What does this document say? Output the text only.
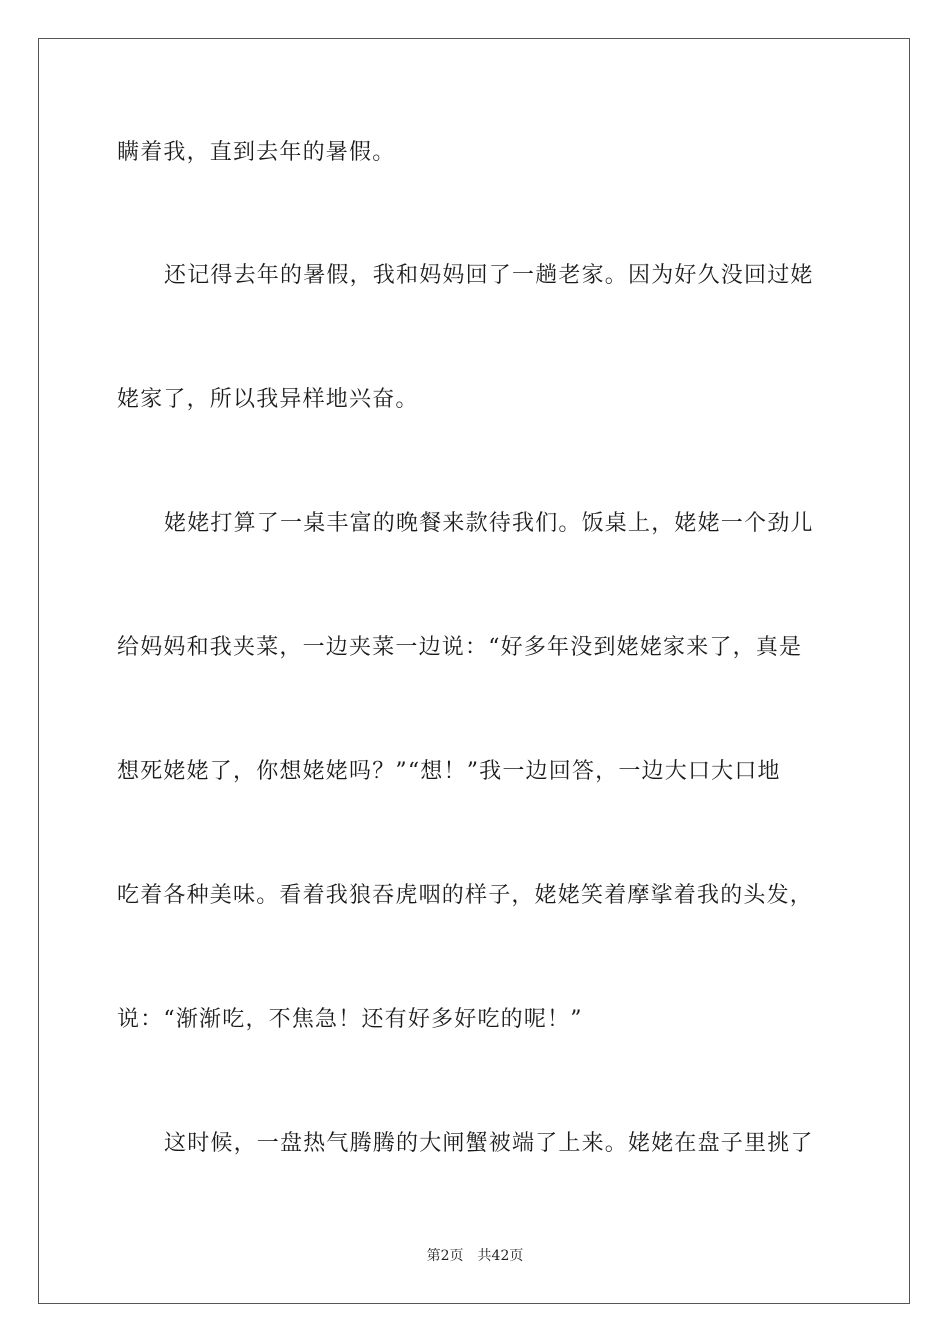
瞒着我，直到去年的暑假。
还记得去年的暑假，我和妈妈回了一趟老家。因为好久没回过姥
姥家了，所以我异样地兴奋。
姥姥打算了一桌丰富的晚餐来款待我们。饭桌上，姥姥一个劲儿
给妈妈和我夹菜，一边夹菜一边说：“好多年没到姥姥家来了，真是
想死姥姥了，你想姥姥吗？”“想！”我一边回答，一边大口大口地
吃着各种美味。看着我狼吞虎咽的样子，姥姥笑着摩挲着我的头发，
说：“渐渐吃，不焦急！还有好多好吃的呢！”
这时候，一盘热气腾腾的大闸蟹被端了上来。姥姥在盘子里挑了
第2页 共42页
